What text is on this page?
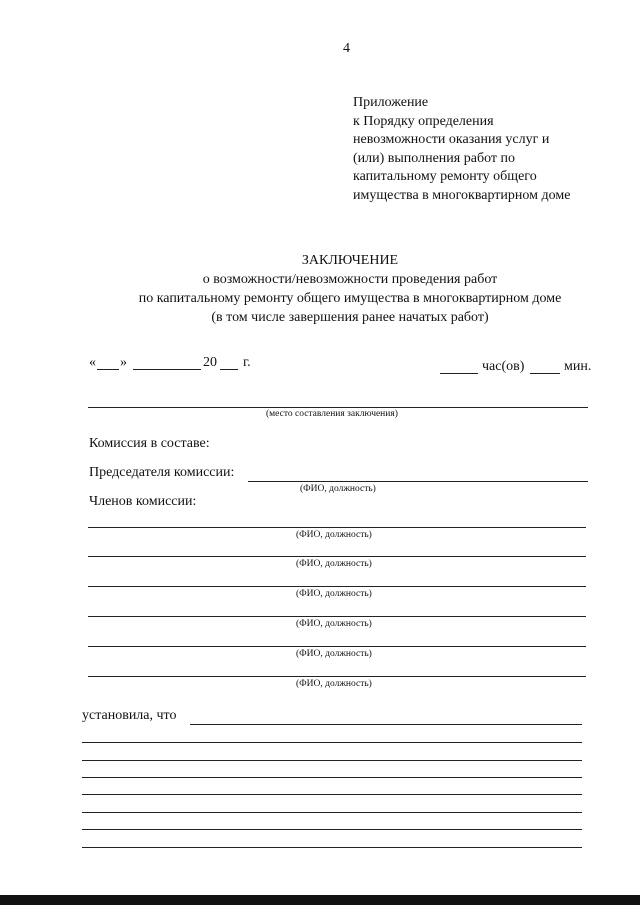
4
Приложение
к Порядку определения
невозможности оказания услуг и
(или) выполнения работ по
капитальному ремонту общего
имущества в многоквартирном доме
ЗАКЛЮЧЕНИЕ
о возможности/невозможности проведения работ
по капитальному ремонту общего имущества в многоквартирном доме
(в том числе завершения ранее начатых работ)
« »	20 г.	час(ов)	мин.
(место составления заключения)
Комиссия в составе:
Председателя комиссии:
(ФИО, должность)
Членов комиссии:
(ФИО, должность)
(ФИО, должность)
(ФИО, должность)
(ФИО, должность)
(ФИО, должность)
(ФИО, должность)
установила, что
